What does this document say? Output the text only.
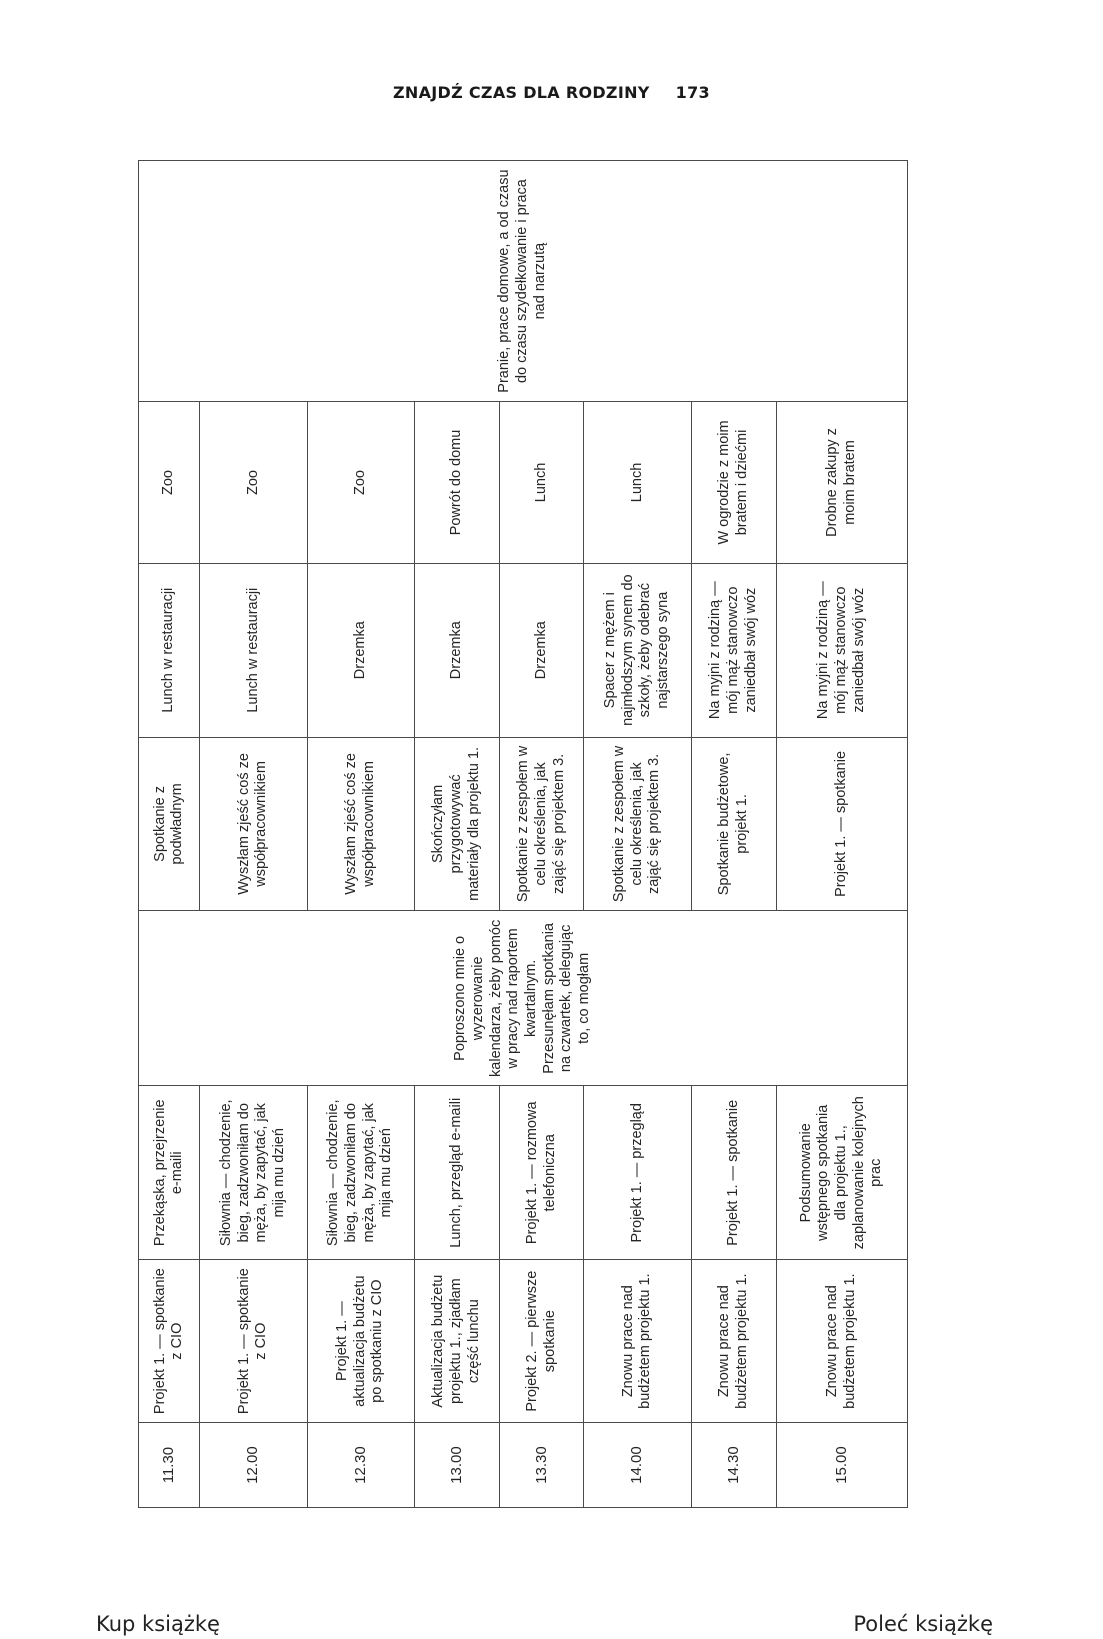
ZNAJDŹ CZAS DLA RODZINY 173
11.30	Projekt 1. — spotkanie z CIO	Przekąska, przejrzenie e-maili	Poproszono mnie o wyzerowanie kalendarza, żeby pomóc w pracy nad raportem kwartalnym. Przesunęłam spotkania na czwartek, delegując to, co mogłam	Spotkanie z podwładnym	Lunch w restauracji	Zoo	Pranie, prace domowe, a od czasu do czasu szydełkowanie i praca nad narzutą
12.00	Projekt 1. — spotkanie z CIO	Siłownia — chodzenie, bieg, zadzwoniłam do męża, by zapytać, jak mija mu dzień		Wyszłam zjeść coś ze współpracownikiem	Lunch w restauracji	Zoo	
12.30	Projekt 1. — aktualizacja budżetu po spotkaniu z CIO	Siłownia — chodzenie, bieg, zadzwoniłam do męża, by zapytać, jak mija mu dzień		Wyszłam zjeść coś ze współpracownikiem	Drzemka	Zoo	
13.00	Aktualizacja budżetu projektu 1., zjadłam część lunchu	Lunch, przegląd e-maili		Skończyłam przygotowywać materiały dla projektu 1.	Drzemka	Powrót do domu	
13.30	Projekt 2. — pierwsze spotkanie	Projekt 1. — rozmowa telefoniczna		Spotkanie z zespołem w celu określenia, jak zająć się projektem 3.	Drzemka	Lunch	
14.00	Znowu prace nad budżetem projektu 1.	Projekt 1. — przegląd		Spotkanie z zespołem w celu określenia, jak zająć się projektem 3.	Spacer z mężem i najmłodszym synem do szkoły, żeby odebrać najstarszego syna	Lunch	
14.30	Znowu prace nad budżetem projektu 1.	Projekt 1. — spotkanie		Spotkanie budżetowe, projekt 1.	Na myjni z rodziną — mój mąż stanowczo zaniedbał swój wóz	W ogrodzie z moim bratem i dziećmi	
15.00	Znowu prace nad budżetem projektu 1.	Podsumowanie wstępnego spotkania dla projektu 1., zaplanowanie kolejnych prac		Projekt 1. — spotkanie	Na myjni z rodziną — mój mąż stanowczo zaniedbał swój wóz	Drobne zakupy z moim bratem	
Kup książkę	Poleć książkę
